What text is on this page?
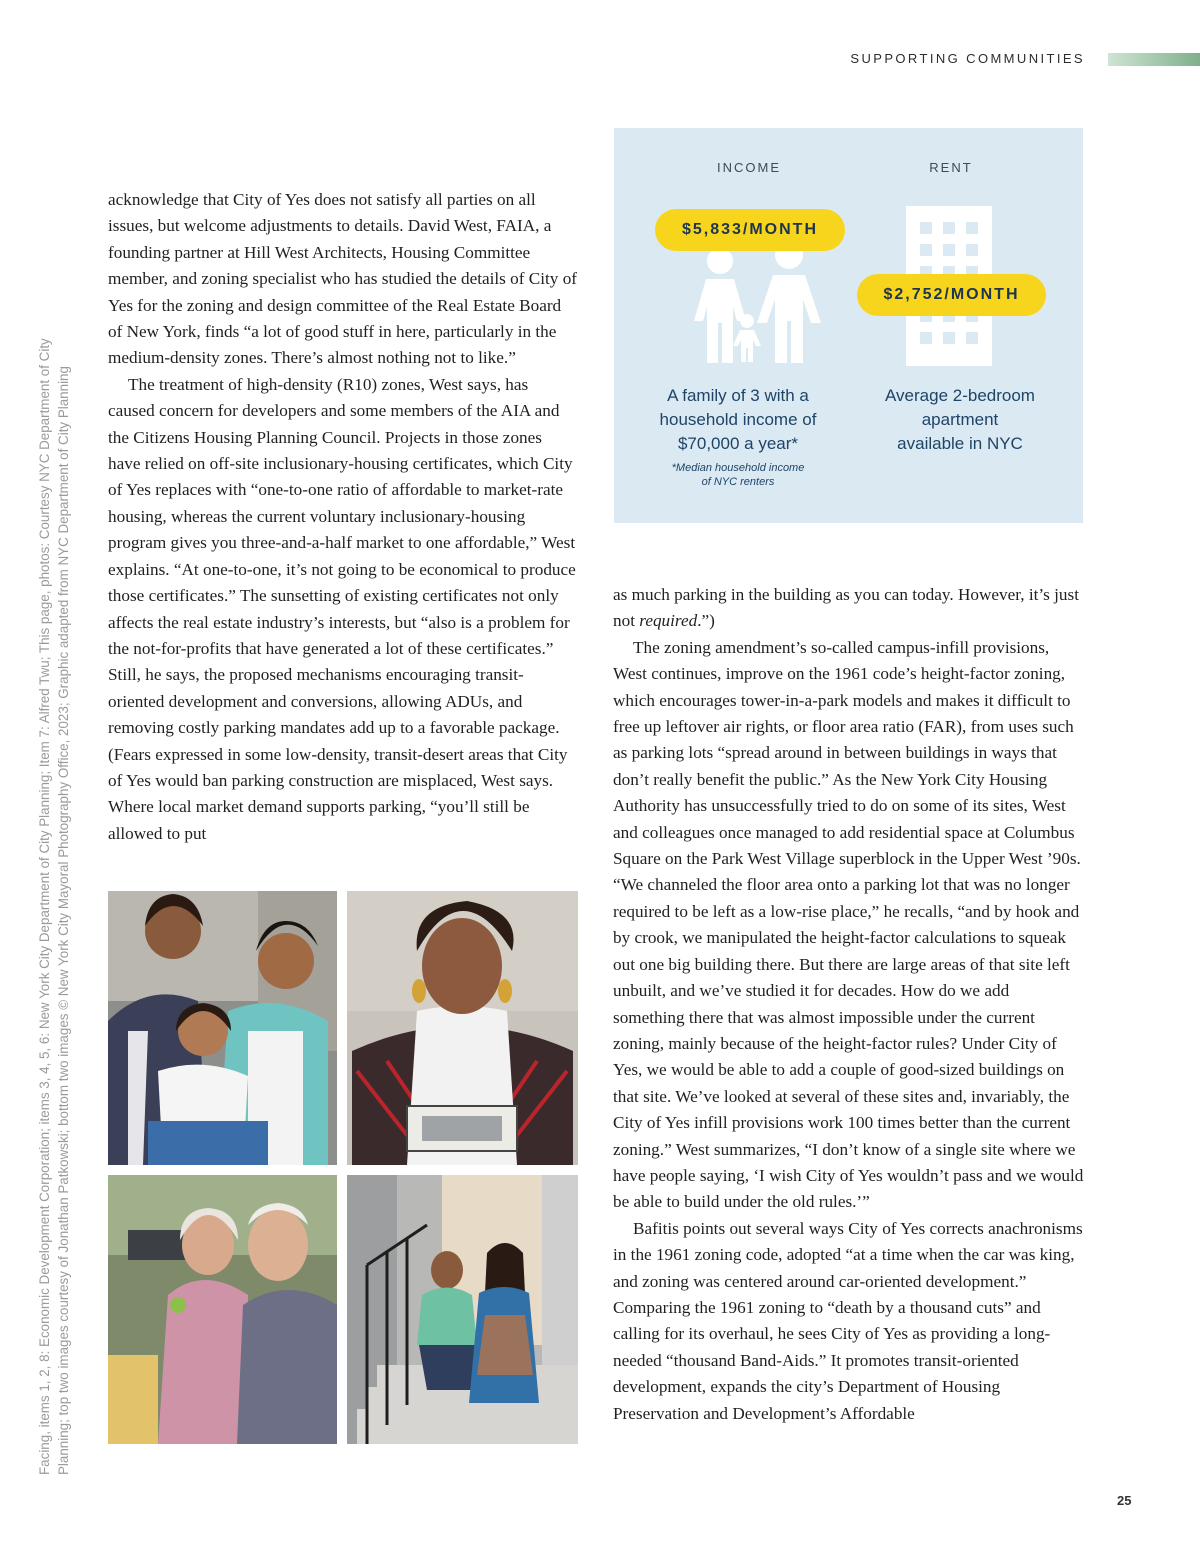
SUPPORTING COMMUNITIES
Facing, items 1, 2, 8: Economic Development Corporation; items 3, 4, 5, 6: New York City Department of City Planning; Item 7: Alfred Twu; This page, photos: Courtesy NYC Department of City Planning; top two images courtesy of Jonathan Patkowski; bottom two images © New York City Mayoral Photography Office, 2023; Graphic adapted from NYC Department of City Planning
INCOME	RENT
$5,833/MONTH
$2,752/MONTH
A family of 3 with a
household income of
$70,000 a year*
*Median household income
of NYC renters
Average 2-bedroom
apartment
available in NYC

acknowledge that City of Yes does not satisfy all parties on all issues, but welcome adjustments to details. David West, FAIA, a founding partner at Hill West Architects, Housing Committee member, and zoning specialist who has studied the details of City of Yes for the zoning and design committee of the Real Estate Board of New York, finds “a lot of good stuff in here, particularly in the medium-density zones. There’s almost nothing not to like.”

The treatment of high-density (R10) zones, West says, has caused concern for developers and some members of the AIA and the Citizens Housing Planning Council. Projects in those zones have relied on off-site inclusionary-housing certificates, which City of Yes replaces with “one-to-one ratio of affordable to market-rate housing, whereas the current voluntary inclusionary-housing program gives you three-and-a-half market to one affordable,” West explains. “At one-to-one, it’s not going to be economical to produce those certificates.” The sunsetting of existing certificates not only affects the real estate industry’s interests, but “also is a problem for the not-for-profits that have generated a lot of these certificates.” Still, he says, the proposed mechanisms encouraging transit-oriented development and conversions, allowing ADUs, and removing costly parking mandates add up to a favorable package. (Fears expressed in some low-density, transit-desert areas that City of Yes would ban parking construction are misplaced, West says. Where local market demand supports parking, “you’ll still be allowed to put

as much parking in the building as you can today. However, it’s just not required.”)

The zoning amendment’s so-called campus-infill provisions, West continues, improve on the 1961 code’s height-factor zoning, which encourages tower-in-a-park models and makes it difficult to free up leftover air rights, or floor area ratio (FAR), from uses such as parking lots “spread around in between buildings in ways that don’t really benefit the public.” As the New York City Housing Authority has unsuccessfully tried to do on some of its sites, West and colleagues once managed to add residential space at Columbus Square on the Park West Village superblock in the Upper West ’90s. “We channeled the floor area onto a parking lot that was no longer required to be left as a low-rise place,” he recalls, “and by hook and by crook, we manipulated the height-factor calculations to squeak out one big building there. But there are large areas of that site left unbuilt, and we’ve studied it for decades. How do we add something there that was almost impossible under the current zoning, mainly because of the height-factor rules? Under City of Yes, we would be able to add a couple of good-sized buildings on that site. We’ve looked at several of these sites and, invariably, the City of Yes infill provisions work 100 times better than the current zoning.” West summarizes, “I don’t know of a single site where we have people saying, ‘I wish City of Yes wouldn’t pass and we would be able to build under the old rules.’”

Bafitis points out several ways City of Yes corrects anachronisms in the 1961 zoning code, adopted “at a time when the car was king, and zoning was centered around car-oriented development.” Comparing the 1961 zoning to “death by a thousand cuts” and calling for its overhaul, he sees City of Yes as providing a long-needed “thousand Band-Aids.” It promotes transit-oriented development, expands the city’s Department of Housing Preservation and Development’s Affordable

25
